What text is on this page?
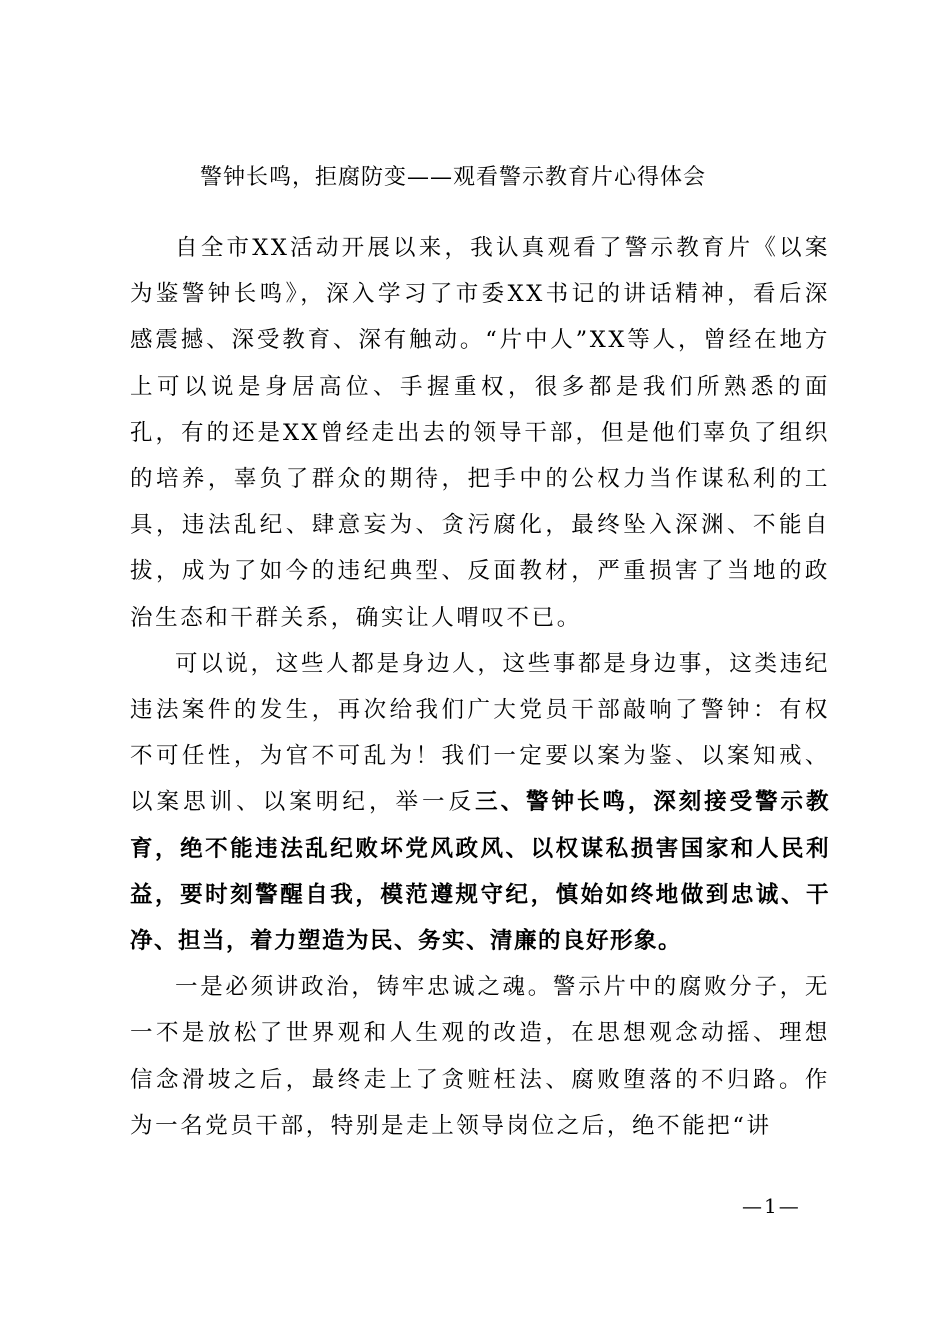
警钟长鸣，拒腐防变——观看警示教育片心得体会

自全市XX活动开展以来，我认真观看了警示教育片《以案为鉴警钟长鸣》，深入学习了市委XX书记的讲话精神，看后深感震撼、深受教育、深有触动。“片中人”XX等人，曾经在地方上可以说是身居高位、手握重权，很多都是我们所熟悉的面孔，有的还是XX曾经走出去的领导干部，但是他们辜负了组织的培养，辜负了群众的期待，把手中的公权力当作谋私利的工具，违法乱纪、肆意妄为、贪污腐化，最终坠入深渊、不能自拔，成为了如今的违纪典型、反面教材，严重损害了当地的政治生态和干群关系，确实让人喟叹不已。

可以说，这些人都是身边人，这些事都是身边事，这类违纪违法案件的发生，再次给我们广大党员干部敲响了警钟：有权不可任性，为官不可乱为！我们一定要以案为鉴、以案知戒、以案思训、以案明纪，举一反三、警钟长鸣，深刻接受警示教育，绝不能违法乱纪败坏党风政风、以权谋私损害国家和人民利益，要时刻警醒自我，模范遵规守纪，慎始如终地做到忠诚、干净、担当，着力塑造为民、务实、清廉的良好形象。

一是必须讲政治，铸牢忠诚之魂。警示片中的腐败分子，无一不是放松了世界观和人生观的改造，在思想观念动摇、理想信念滑坡之后，最终走上了贪赃枉法、腐败堕落的不归路。作为一名党员干部，特别是走上领导岗位之后，绝不能把“讲

—1—
